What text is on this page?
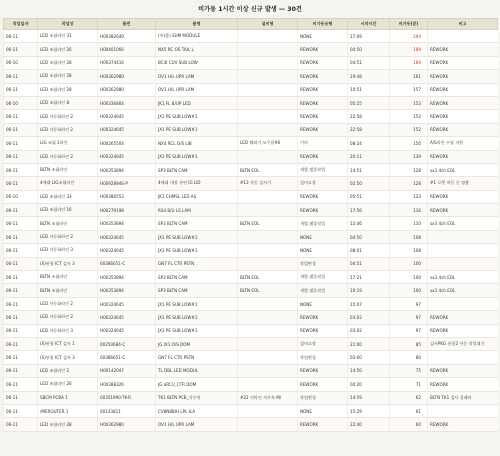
비가동 1시간 이상 신규 발생 — 30건
작업일자	작업장	품번	품명	설비명	비가동유형	시작시간	비가동(분)	비고
06-11	LED 조립라인 31	H00382649	(주)좋) SUM MODULE		NONE	17:09	294	
06-11	LED 조립라인 26	H00401066	NX5 RC OS TAIL L		REWORK	04:50	189	REWORK
06-10	LED 조립라인 28	H00374416	BC4I CUV SUB LOW		REWORK	04:51	189	REWORK
06-11	LED 조립라인 28	H00362980	OV1 H/L UPR LAM		REWORK	19:48	161	REWORK
06-11	LED 조립라인 28	H00362980	OV1 H/L UPR LAM		REWORK	10:51	157	REWORK
06-10	LED 조립라인 8	H00336804	JK1 FL B/UP LED		REWORK	05:25	153	REWORK
06-11	LED 자동화라인 2	H00324645	JX1 PE SUB LOW#1		REWORK	22:58	152	REWORK
06-11	LED 자동화라인 2	H00324645	JX1 PE SUB LOW#1		REWORK	22:58	152	REWORK
06-11	LIG 조립 1라인	H00265504	NX4 RCL O/S LIB	LED 해외기 모쿠쿨#6	기타	08:24	150	A/S라인 수납 지원
06-11	LED 자동화라인 2	H00324645	JX1 PE SUB LOW#1		REWORK	20:11	139	REWORK
06-11	BLTN 조립라인	H00353894	SP3 BLTN CAM	BLTN EOL	개발.샘플작업	14:51	128	sx3 4ch EOL
06-11	4에대 LIG조립라인	H00928946-P	4에대 내장 자연 IG LID	#13 자동 검사기	설비고장	02:50	128	#1 로봇 작동 중 멈춤
06-10	LED 조립라인 33	H00386553	JK1 CHMSL LED AS		REWORK	05:51	123	REWORK
06-11	LED 조립라인 16	H00279198	RS4 B/U LS LAM		REWORK	17:56	116	REWORK
06-11	BLTN 조립라인	H00353894	SP3 BLTN CAM	BLTN EOL	개발.샘플작업	12:46	110	sx3 4ch EOL
06-11	LED 자동화라인 2	H00324645	JX1 PE SUB LOW#1		NONE	04:50	108	
06-11	LED 자동화라인 3	H00324645	JX1 PE SUB LOW#1		NONE	08:01	108	
06-11	(S)통합 ICT 검사 3	00386651-C	GN7 FL CTR PSTN		작업변경	04:51	100	
06-11	BLTN 조립라인	H00353894	SP3 BLTN CAM	BLTN EOL	개발.샘플작업	17:21	100	sx3 4ch EOL
06-11	BLTN 조립라인	H00353894	SP3 BLTN CAM	BLTN EOL	개발.샘플작업	10:19	100	sx3 4ch EOL
06-11	LED 자동화라인 2	H00324645	JX1 PE SUB LOW#1		NONE	15:07	97	
06-11	LED 자동화라인 2	H00324645	JX1 PE SUB LOW#1		REWORK	03:02	97	REWORK
06-11	LED 자동화라인 3	H00324645	JX1 PE SUB LOW#1		REWORK	03:02	97	REWORK
06-11	(S)통합 ICT 검사 1	00250684-C	JG IX1 O/S DOM		설비고장	21:00	85	검사PKG 통합2 이동 작업대기
06-11	(S)통합 ICT 검사 3	00386651-C	GN7 FL CTR PSTN		작업변경	03:00	80	
06-11	LED 조립라인 2	H00142047	TL DBL LED MODUL		REWORK	14:50	75	REWORK
06-11	LED 조립라인 26	H00388326	JG aRCU_CTR DOM		REWORK	04:20	71	REWORK
06-11	SBCM PCBA 1	00351990-TK-R	TK1 BLTN PCB_자우차	#22 인라인 자우차 M/	작업변경	14:59	62	BLTN TK1 검사 질레마
06-11	/MEROUTER 1	00143811	CV8N8BIH LPL ILA		NONE	15:29	61	
06-11	LED 조립라인 28	H00362980	OV1 H/L UPR LAM		REWORK	22:40	60	REWORK
